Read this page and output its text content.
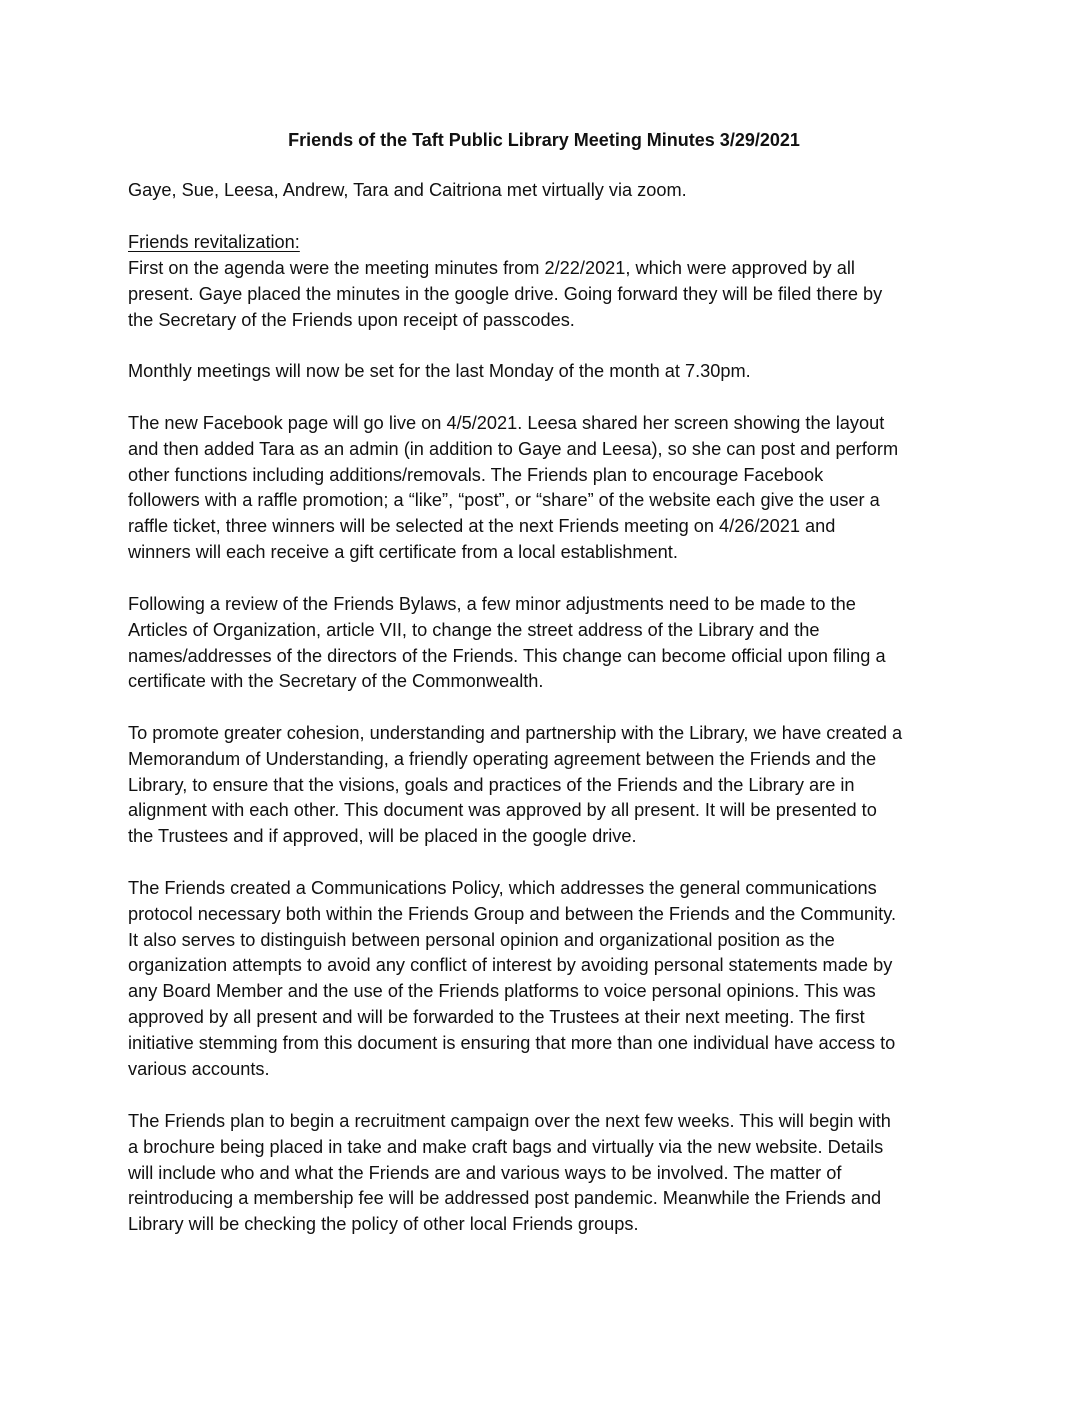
Friends of the Taft Public Library Meeting Minutes 3/29/2021

Gaye, Sue, Leesa, Andrew, Tara and Caitriona met virtually via zoom.

Friends revitalization:

First on the agenda were the meeting minutes from 2/22/2021, which were approved by all
present. Gaye placed the minutes in the google drive. Going forward they will be filed there by
the Secretary of the Friends upon receipt of passcodes.
Monthly meetings will now be set for the last Monday of the month at 7.30pm.
The new Facebook page will go live on 4/5/2021. Leesa shared her screen showing the layout
and then added Tara as an admin (in addition to Gaye and Leesa), so she can post and perform
other functions including additions/removals. The Friends plan to encourage Facebook
followers with a raffle promotion; a “like”, “post”, or “share” of the website each give the user a
raffle ticket, three winners will be selected at the next Friends meeting on 4/26/2021 and
winners will each receive a gift certificate from a local establishment.
Following a review of the Friends Bylaws, a few minor adjustments need to be made to the
Articles of Organization, article VII, to change the street address of the Library and the
names/addresses of the directors of the Friends. This change can become official upon filing a
certificate with the Secretary of the Commonwealth.
To promote greater cohesion, understanding and partnership with the Library, we have created a
Memorandum of Understanding, a friendly operating agreement between the Friends and the
Library, to ensure that the visions, goals and practices of the Friends and the Library are in
alignment with each other. This document was approved by all present. It will be presented to
the Trustees and if approved, will be placed in the google drive.
The Friends created a Communications Policy, which addresses the general communications
protocol necessary both within the Friends Group and between the Friends and the Community.
It also serves to distinguish between personal opinion and organizational position as the
organization attempts to avoid any conflict of interest by avoiding personal statements made by
any Board Member and the use of the Friends platforms to voice personal opinions. This was
approved by all present and will be forwarded to the Trustees at their next meeting. The first
initiative stemming from this document is ensuring that more than one individual have access to
various accounts.
The Friends plan to begin a recruitment campaign over the next few weeks. This will begin with
a brochure being placed in take and make craft bags and virtually via the new website. Details
will include who and what the Friends are and various ways to be involved. The matter of
reintroducing a membership fee will be addressed post pandemic. Meanwhile the Friends and
Library will be checking the policy of other local Friends groups.
